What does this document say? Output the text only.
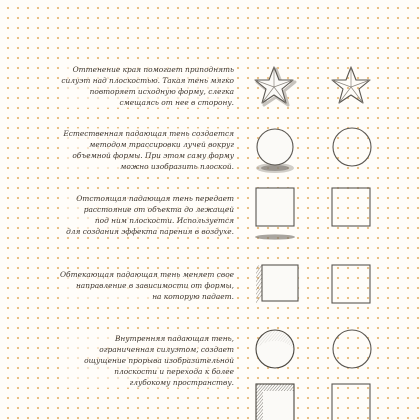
Оттенение края помогает приподнять
силуэт над плоскостью. Такая тень мягко
повторяет исходную форму, слегка
смещаясь от нее в сторону.
Естественная падающая тень создается
методом трассировки лучей вокруг
объемной формы. При этом саму форму
можно изобразить плоской.
Отстоящая падающая тень передает
расстояние от объекта до лежащей
под ним плоскости. Используется
для создания эффекта парения в воздухе.
Обтекающая падающая тень меняет свое
направление в зависимости от формы,
на которую падает.
Внутренняя падающая тень,
ограниченная силуэтом, создает
ощущение прорыва изобразительной
плоскости и перехода к более
глубокому пространству.
